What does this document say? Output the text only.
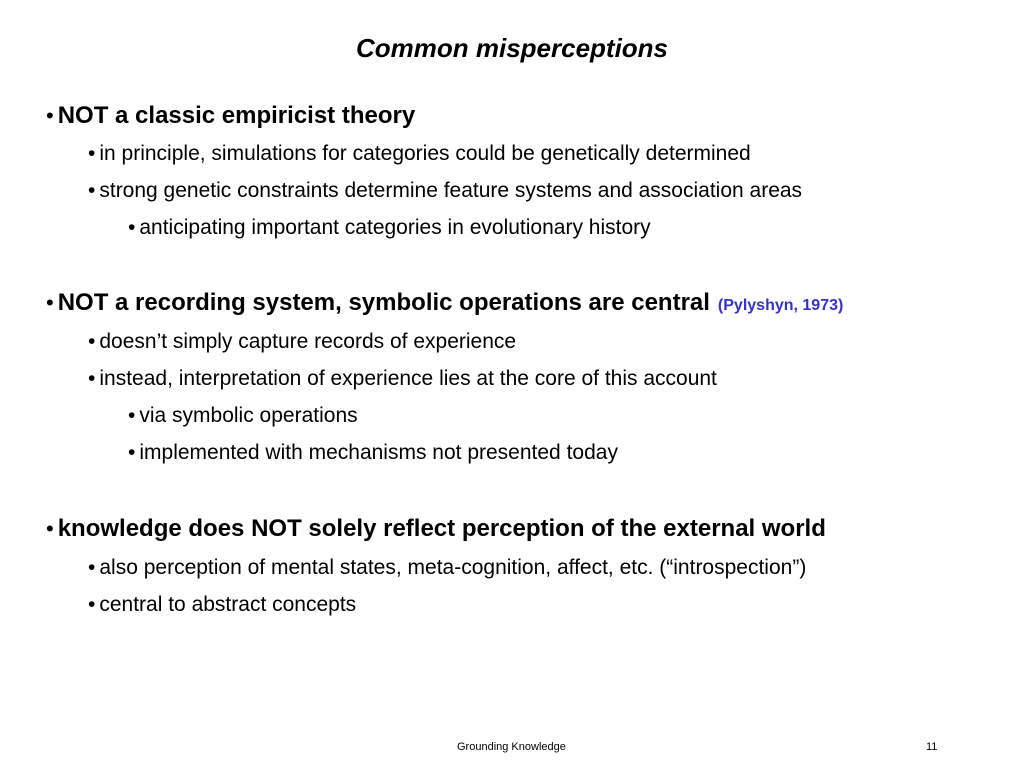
Common misperceptions
• NOT a classic empiricist theory
• in principle, simulations for categories could be genetically determined
• strong genetic constraints determine feature systems and association areas
• anticipating important categories in evolutionary history
• NOT a recording system, symbolic operations are central (Pylyshyn, 1973)
• doesn’t simply capture records of experience
• instead, interpretation of experience lies at the core of this account
• via symbolic operations
• implemented with mechanisms not presented today
• knowledge does NOT solely reflect perception of the external world
• also perception of mental states, meta-cognition, affect, etc. (“introspection”)
• central to abstract concepts
Grounding Knowledge	11
